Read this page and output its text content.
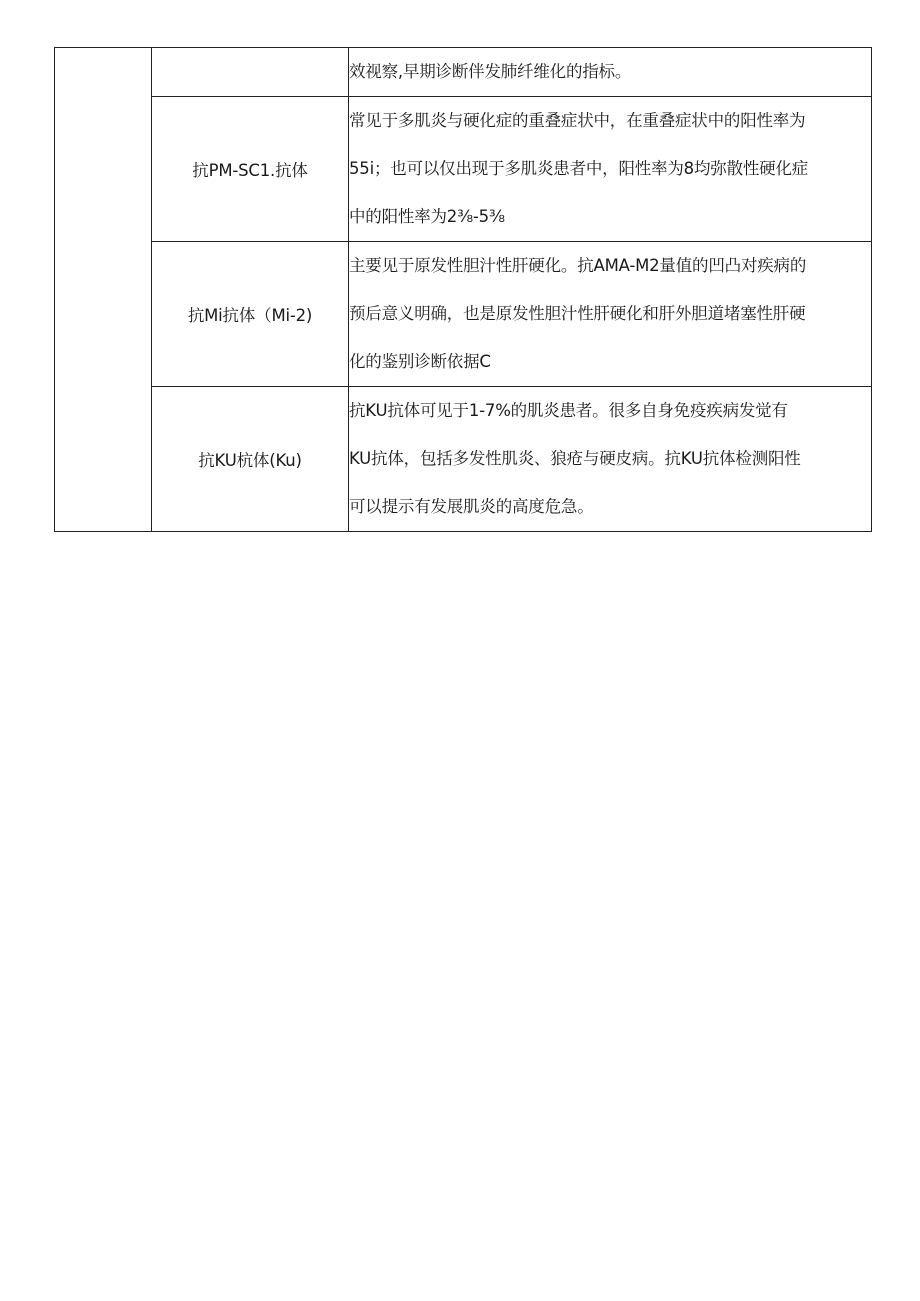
		效视察,早期诊断伴发肺纤维化的指标。

	抗PM-SC1.抗体	常见于多肌炎与硬化症的重叠症状中，在重叠症状中的阳性率为
55i；也可以仅出现于多肌炎患者中，阳性率为8均弥散性硬化症
中的阳性率为2⅜-5⅜

	抗Mi抗体（Mi-2)	主要见于原发性胆汁性肝硬化。抗AMA-M2量值的凹凸对疾病的
预后意义明确，也是原发性胆汁性肝硬化和肝外胆道堵塞性肝硬
化的鉴别诊断依据C

	抗KU杭体(Ku)	抗KU抗体可见于1-7%的肌炎患者。很多自身免疫疾病发觉有
KU抗体，包括多发性肌炎、狼疮与硬皮病。抗KU抗体检测阳性
可以提示有发展肌炎的高度危急。
